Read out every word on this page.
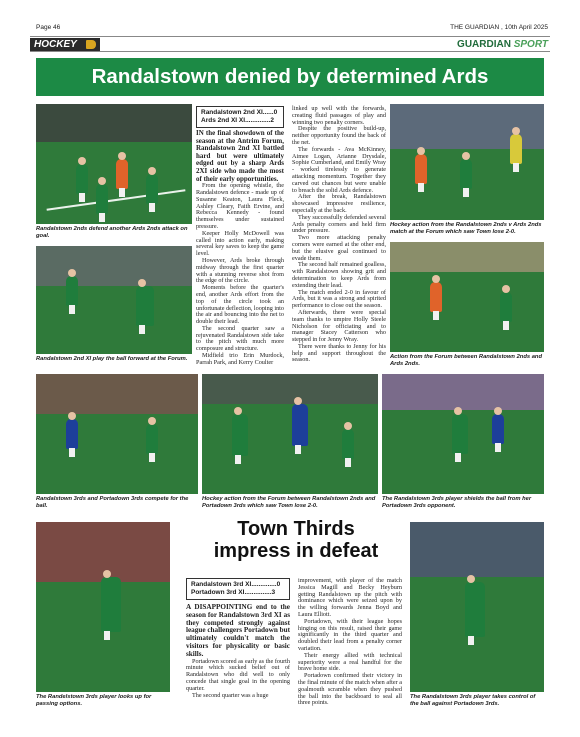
Page 46	THE GUARDIAN , 10th April 2025
HOCKEY	GUARDIAN SPORT
Randalstown denied by determined Ards
Randalstown 2nds defend another Ards 2nds attack on goal.
Randalstown 2nd XI play the ball forward at the Forum.
Randalstown 2nd XI......0
Ards 2nd XI XI..............2

IN the final showdown of the season at the Antrim Forum, Randalstown 2nd XI battled hard but were ultimately edged out by a sharp Ards 2XI side who made the most of their early opportunities.

From the opening whistle, the Randalstown defence - made up of Susanne Keaton, Laura Fleck, Ashley Cleary, Faith Ervine, and Rebecca Kennedy - found themselves under sustained pressure.

Keeper Holly McDowell was called into action early, making several key saves to keep the game level.

However, Ards broke through midway through the first quarter with a stunning reverse shot from the edge of the circle.

Moments before the quarter's end, another Ards effort from the top of the circle took an unfortunate deflection, looping into the air and bouncing into the net to double their lead.

The second quarter saw a rejuvenated Randalstown side take to the pitch with much more composure and structure.

Midfield trio Erin Murdock, Parrah Park, and Kerry Coulter

linked up well with the forwards, creating fluid passages of play and winning two penalty corners.

Despite the positive build-up, neither opportunity found the back of the net.

The forwards - Ava McKinney, Aimee Logan, Arianne Drysdale, Sophie Cumberland, and Emily Wray - worked tirelessly to generate attacking momentum. Together they carved out chances but were unable to breach the solid Ards defence.

After the break, Randalstown showcased impressive resilience, especially at the back.

They successfully defended several Ards penalty corners and held firm under pressure.

Two more attacking penalty corners were earned at the other end, but the elusive goal continued to evade them.

The second half remained goalless, with Randalstown showing grit and determination to keep Ards from extending their lead.

The match ended 2-0 in favour of Ards, but it was a strong and spirited performance to close out the season.

Afterwards, there were special team thanks to umpire Holly Steele Nicholson for officiating and to manager Stacey Catterson who stepped in for Jenny Wray.

There were thanks to Jenny for his help and support throughout the season.

Hockey action from the Randalstown 2nds v Ards 2nds match at the Forum which saw Town lose 2-0.
Action from the Forum between Randalstown 2nds and Ards 2nds.
Randalstown 3rds and Portadown 3rds compete for the ball.
Hockey action from the Forum between Randalstown 2nds and Portadown 3rds which saw Town lose 2-0.
The Randalstown 3rds player shields the ball from her Portadown 3rds opponent.
Town Thirds impress in defeat
The Randelstown 3rds player looks up for passing options.
The Randalstown 3rds player takes control of the ball against Portadown 3rds.
Randalstown 3rd XI..............0
Portadown 3rd XI...............3

A DISAPPOINTING end to the season for Randalstown 3rd XI as they competed strongly against league challengers Portadown but ultimately couldn't match the visitors for physicality or basic skills.

Portadown scored as early as the fourth minute which sucked belief out of Randalstown who did well to only concede that single goal in the opening quarter.

The second quarter was a huge

improvement, with player of the match Jessica Magill and Becky Heyburn getting Randalstown up the pitch with dominance which were seized upon by the willing forwards Jenna Boyd and Laura Elliott.

Portadown, with their league hopes hinging on this result, raised their game significantly in the third quarter and doubled their lead from a penalty corner variation.

Their energy allied with technical superiority were a real handful for the brave home side.

Portadown confirmed their victory in the final minute of the match when after a goalmouth scramble when they pushed the ball into the backboard to seal all three points.
